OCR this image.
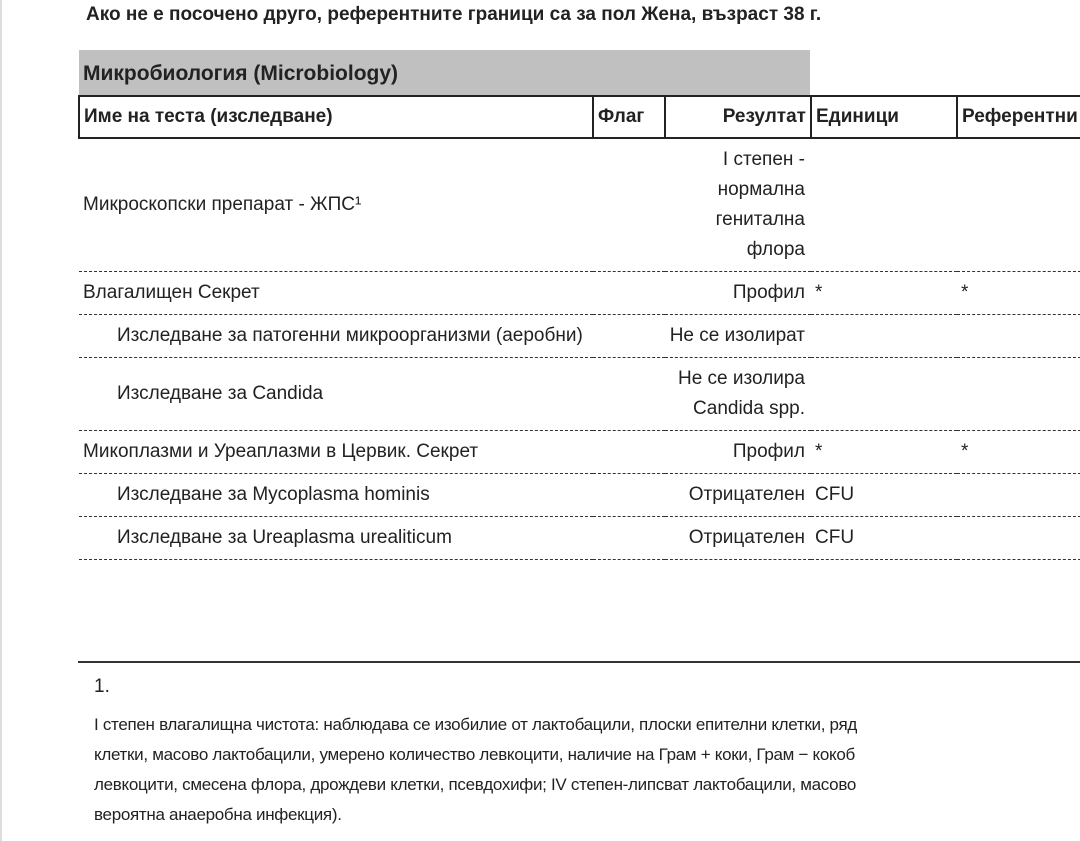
Ако не е посочено друго, референтните граници са за пол Жена, възраст 38 г.
Микробиология (Microbiology)
Име на теста (изследване)	Флаг	Резултат	Единици	Референтни
Микроскопски препарат - ЖПС¹		I степен - нормална генитална флора		
Влагалищен Секрет		Профил	*	*
Изследване за патогенни микроорганизми (аеробни)		Не се изолират		
Изследване за Candida		Не се изолира Candida spp.		
Микоплазми и Уреаплазми в Цервик. Секрет		Профил	*	*
Изследване за Mycoplasma hominis		Отрицателен	CFU	
Изследване за Ureaplasma urealiticum		Отрицателен	CFU	
1.
I степен влагалищна чистота: наблюдава се изобилие от лактобацили, плоски епителни клетки, ряд
клетки, масово лактобацили, умерено количество левкоцити, наличие на Грам + коки, Грам − кокоб
левкоцити, смесена флора, дрождеви клетки, псевдохифи; IV степен-липсват лактобацили, масово
вероятна анаеробна инфекция).
